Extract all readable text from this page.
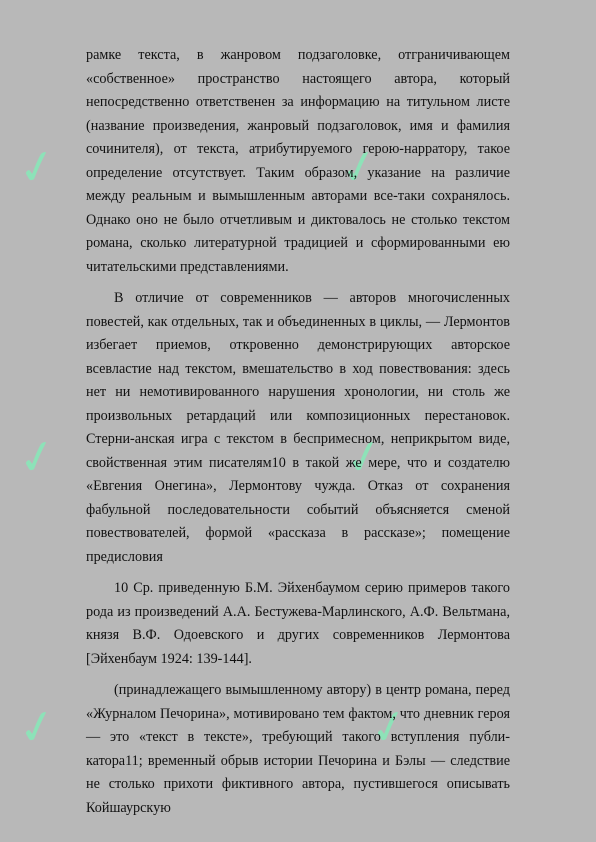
✓	✓
✓	✓
✓	✓

рамке текста, в жанровом подзаголовке, отграничивающем «собственное» пространство настоящего автора, который непосредственно ответственен за информацию на титульном листе (название произведения, жанровый подзаголовок, имя и фамилия сочинителя), от текста, атрибутируемого герою-нарратору, такое определение отсутствует. Таким образом, указание на различие между реальным и вымышленным авторами все-таки сохранялось. Однако оно не было отчетливым и диктовалось не столько текстом романа, сколько литературной традицией и сформированными ею читательскими представлениями.

В отличие от современников — авторов многочисленных повестей, как отдельных, так и объединенных в циклы, — Лермонтов избегает приемов, откровенно демонстрирующих авторское всевластие над текстом, вмешательство в ход повествования: здесь нет ни немотивированного нарушения хронологии, ни столь же произвольных ретардаций или композиционных перестановок. Стерни-анская игра с текстом в беспримесном, неприкрытом виде, свойственная этим писателям10 в такой же мере, что и создателю «Евгения Онегина», Лермонтову чужда. Отказ от сохранения фабульной последовательности событий объясняется сменой повествователей, формой «рассказа в рассказе»; помещение предисловия

10 Ср. приведенную Б.М. Эйхенбаумом серию примеров такого рода из произведений А.А. Бестужева-Марлинского, А.Ф. Вельтмана, князя В.Ф. Одоевского и других современников Лермонтова [Эйхенбаум 1924: 139-144].

(принадлежащего вымышленному автору) в центр романа, перед «Журналом Печорина», мотивировано тем фактом, что дневник героя — это «текст в тексте», требующий такого вступления публи-катора11; временный обрыв истории Печорина и Бэлы — следствие не столько прихоти фиктивного автора, пустившегося описывать Койшаурскую
